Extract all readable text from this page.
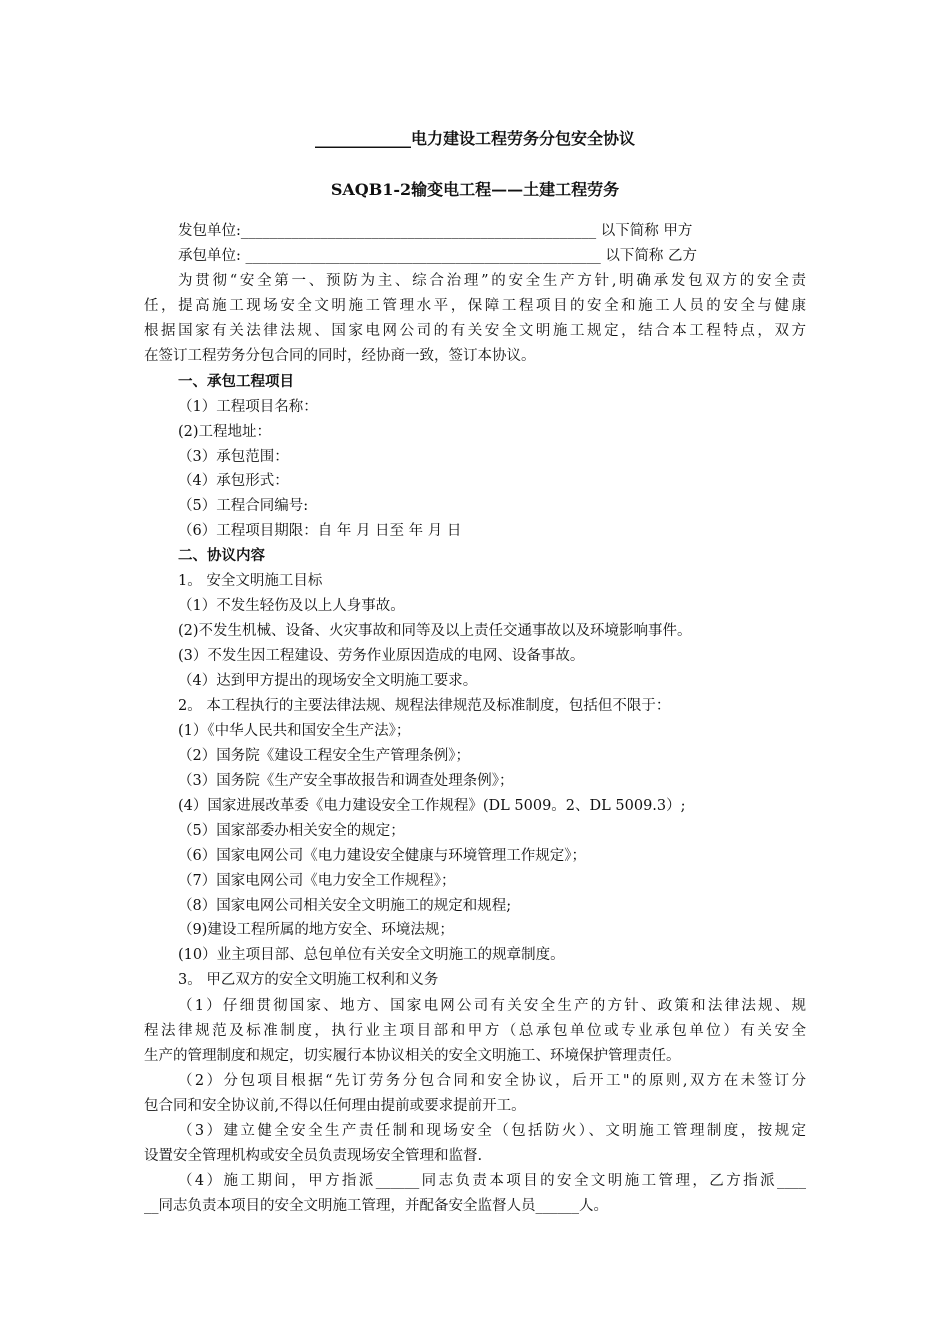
____________电力建设工程劳务分包安全协议
SAQB1-2输变电工程——土建工程劳务
发包单位:_________________________________________________ 以下简称 甲方
承包单位: _________________________________________________ 以下简称 乙方
为贯彻“安全第一、预防为主、综合治理”的安全生产方针,明确承发包双方的安全责
任，提高施工现场安全文明施工管理水平，保障工程项目的安全和施工人员的安全与健康
根据国家有关法律法规、国家电网公司的有关安全文明施工规定，结合本工程特点，双方
在签订工程劳务分包合同的同时，经协商一致，签订本协议。
一、承包工程项目
（1）工程项目名称：
(2)工程地址：
（3）承包范围：
（4）承包形式：
（5）工程合同编号:
（6）工程项目期限：自 年 月 日至 年 月 日
二、协议内容
1。 安全文明施工目标
（1）不发生轻伤及以上人身事故。
(2)不发生机械、设备、火灾事故和同等及以上责任交通事故以及环境影响事件。
(3）不发生因工程建设、劳务作业原因造成的电网、设备事故。
（4）达到甲方提出的现场安全文明施工要求。
2。 本工程执行的主要法律法规、规程法律规范及标准制度，包括但不限于：
(1）《中华人民共和国安全生产法》；
（2）国务院《建设工程安全生产管理条例》；
（3）国务院《生产安全事故报告和调查处理条例》；
(4）国家进展改革委《电力建设安全工作规程》(DL 5009。2、DL 5009.3）;
（5）国家部委办相关安全的规定；
（6）国家电网公司《电力建设安全健康与环境管理工作规定》；
（7）国家电网公司《电力安全工作规程》；
（8）国家电网公司相关安全文明施工的规定和规程;
（9)建设工程所属的地方安全、环境法规；
(10）业主项目部、总包单位有关安全文明施工的规章制度。
3。 甲乙双方的安全文明施工权利和义务
（1）仔细贯彻国家、地方、国家电网公司有关安全生产的方针、政策和法律法规、规
程法律规范及标准制度，执行业主项目部和甲方（总承包单位或专业承包单位）有关安全
生产的管理制度和规定，切实履行本协议相关的安全文明施工、环境保护管理责任。
（2）分包项目根据“先订劳务分包合同和安全协议，后开工"的原则,双方在未签订分
包合同和安全协议前,不得以任何理由提前或要求提前开工。
（3）建立健全安全生产责任制和现场安全（包括防火）、文明施工管理制度，按规定
设置安全管理机构或安全员负责现场安全管理和监督.
（4）施工期间，甲方指派______同志负责本项目的安全文明施工管理，乙方指派____
__同志负责本项目的安全文明施工管理，并配备安全监督人员______人。
